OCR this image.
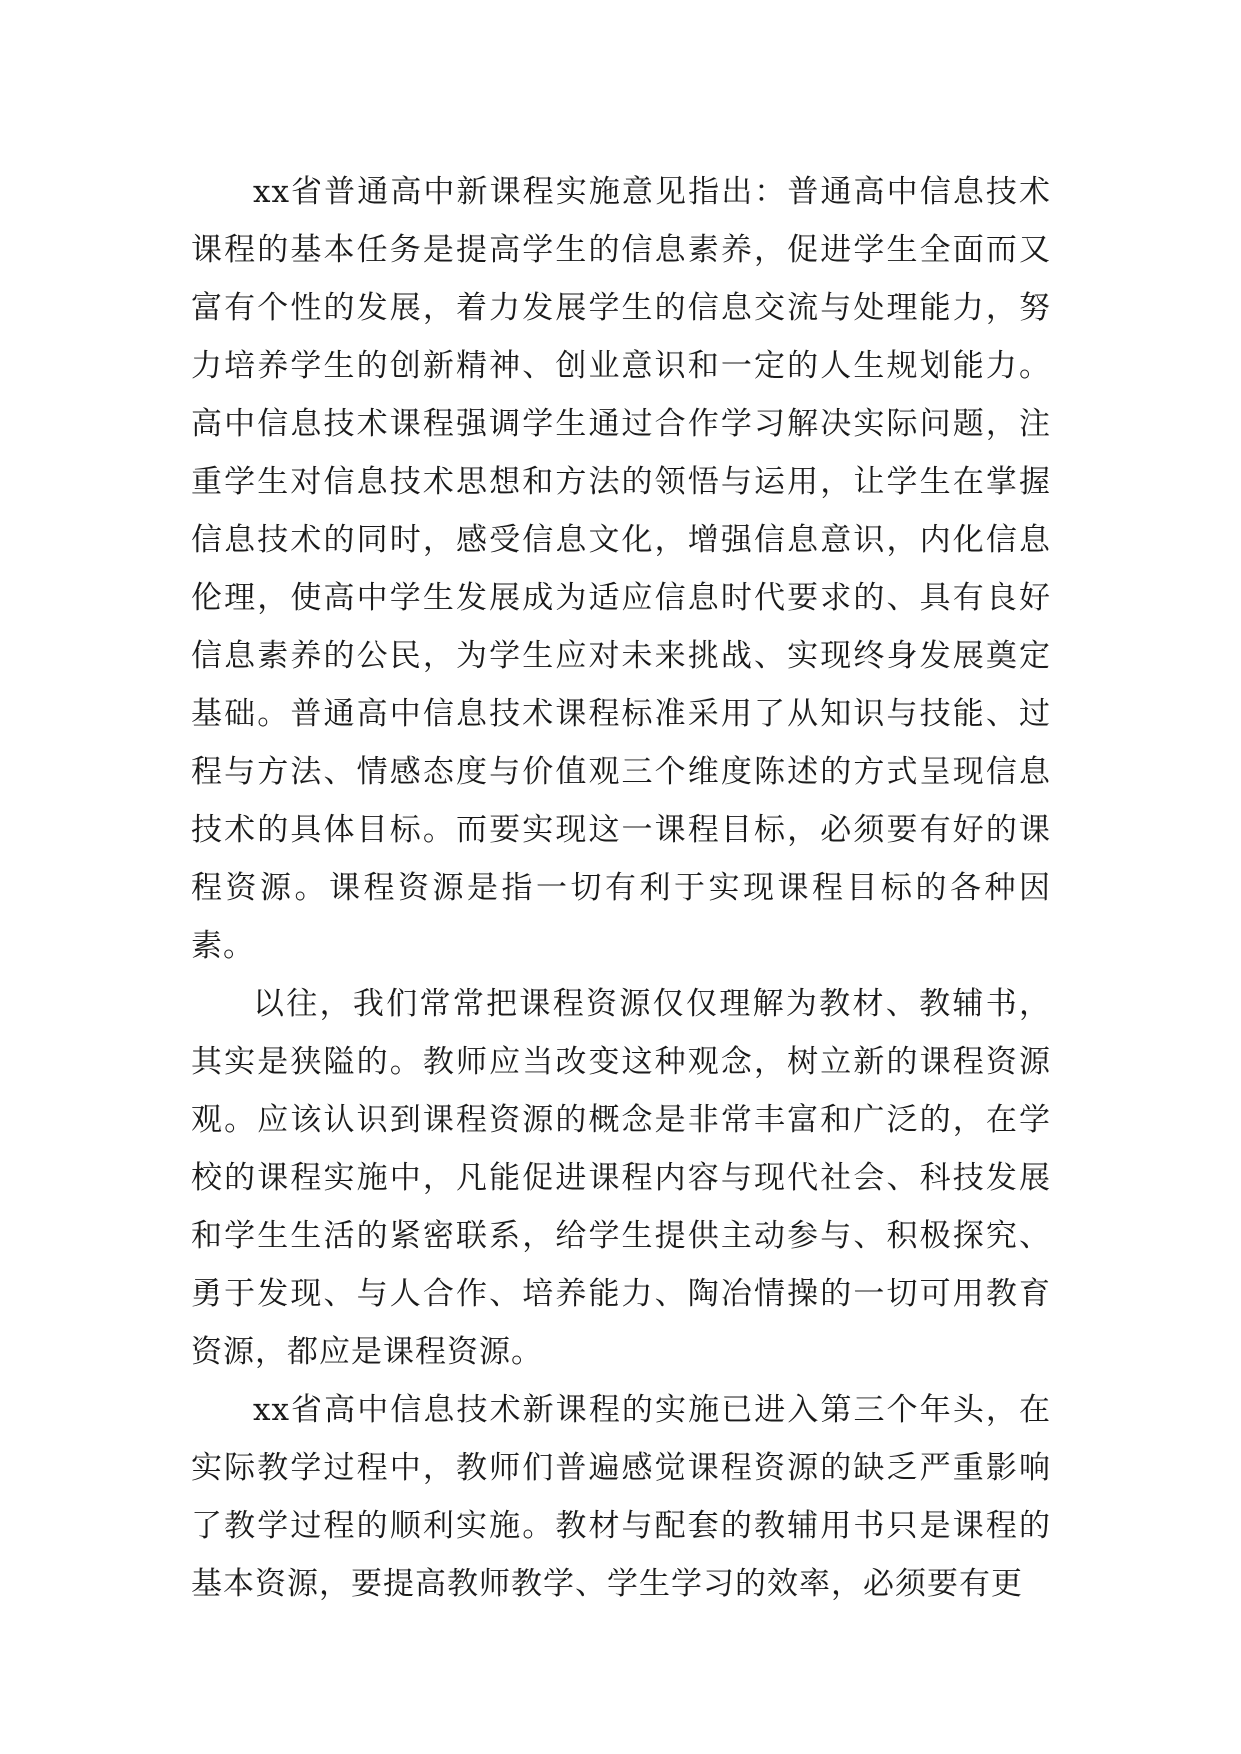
xx省普通高中新课程实施意见指出：普通高中信息技术课程的基本任务是提高学生的信息素养，促进学生全面而又富有个性的发展，着力发展学生的信息交流与处理能力，努力培养学生的创新精神、创业意识和一定的人生规划能力。高中信息技术课程强调学生通过合作学习解决实际问题，注重学生对信息技术思想和方法的领悟与运用，让学生在掌握信息技术的同时，感受信息文化，增强信息意识，内化信息伦理，使高中学生发展成为适应信息时代要求的、具有良好信息素养的公民，为学生应对未来挑战、实现终身发展奠定基础。普通高中信息技术课程标准采用了从知识与技能、过程与方法、情感态度与价值观三个维度陈述的方式呈现信息技术的具体目标。而要实现这一课程目标，必须要有好的课程资源。课程资源是指一切有利于实现课程目标的各种因素。

以往，我们常常把课程资源仅仅理解为教材、教辅书，其实是狭隘的。教师应当改变这种观念，树立新的课程资源观。应该认识到课程资源的概念是非常丰富和广泛的，在学校的课程实施中，凡能促进课程内容与现代社会、科技发展和学生生活的紧密联系，给学生提供主动参与、积极探究、勇于发现、与人合作、培养能力、陶冶情操的一切可用教育资源，都应是课程资源。

xx省高中信息技术新课程的实施已进入第三个年头，在实际教学过程中，教师们普遍感觉课程资源的缺乏严重影响了教学过程的顺利实施。教材与配套的教辅用书只是课程的基本资源，要提高教师教学、学生学习的效率，必须要有更
